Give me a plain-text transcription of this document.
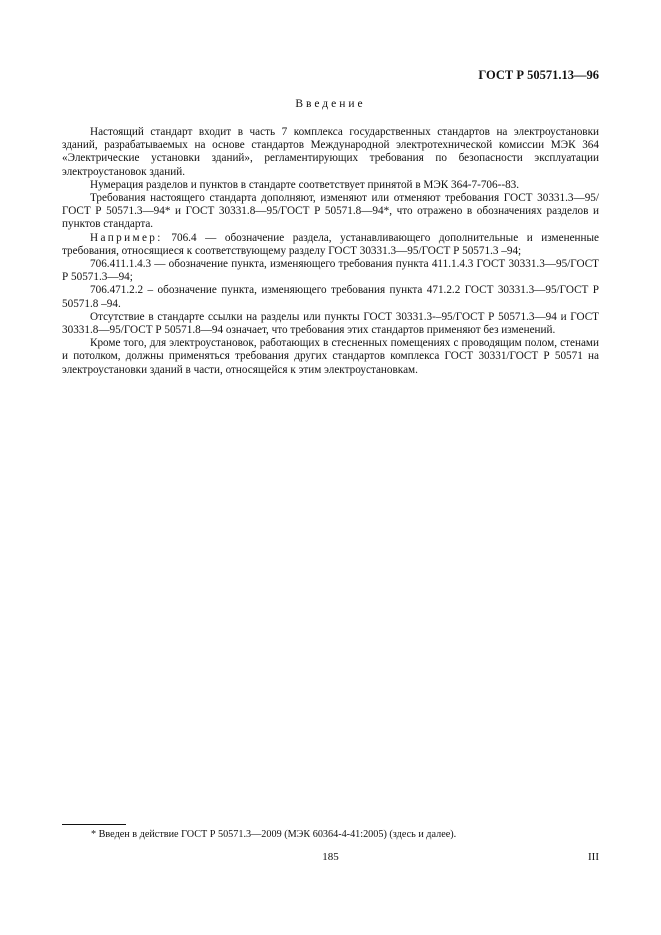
ГОСТ Р 50571.13—96
Введение

Настоящий стандарт входит в часть 7 комплекса государственных стандартов на электроустановки зданий, разрабатываемых на основе стандартов Международной электротехнической комиссии МЭК 364 «Электрические установки зданий», регламентирующих требования по безопасности эксплуатации электроустановок зданий.

Нумерация разделов и пунктов в стандарте соответствует принятой в МЭК 364-7-706--83.

Требования настоящего стандарта дополняют, изменяют или отменяют требования ГОСТ 30331.3—95/ГОСТ Р 50571.3—94* и ГОСТ 30331.8—95/ГОСТ Р 50571.8—94*, что отражено в обозначениях разделов и пунктов стандарта.

Например: 706.4 — обозначение раздела, устанавливающего дополнительные и измененные требования, относящиеся к соответствующему разделу ГОСТ 30331.3—95/ГОСТ Р 50571.3 –94;

706.411.1.4.3 — обозначение пункта, изменяющего требования пункта 411.1.4.3 ГОСТ 30331.3—95/ГОСТ Р 50571.3—94;

706.471.2.2 – обозначение пункта, изменяющего требования пункта 471.2.2 ГОСТ 30331.3—95/ГОСТ Р 50571.8 –94.

Отсутствие в стандарте ссылки на разделы или пункты ГОСТ 30331.3-–95/ГОСТ Р 50571.3—94 и ГОСТ 30331.8—95/ГОСТ Р 50571.8—94 означает, что требования этих стандартов применяют без изменений.

Кроме того, для электроустановок, работающих в стесненных помещениях с проводящим полом, стенами и потолком, должны применяться требования других стандартов комплекса ГОСТ 30331/ГОСТ Р 50571 на электроустановки зданий в части, относящейся к этим электроустановкам.

* Введен в действие ГОСТ Р 50571.3—2009 (МЭК 60364-4-41:2005) (здесь и далее).
185	III
